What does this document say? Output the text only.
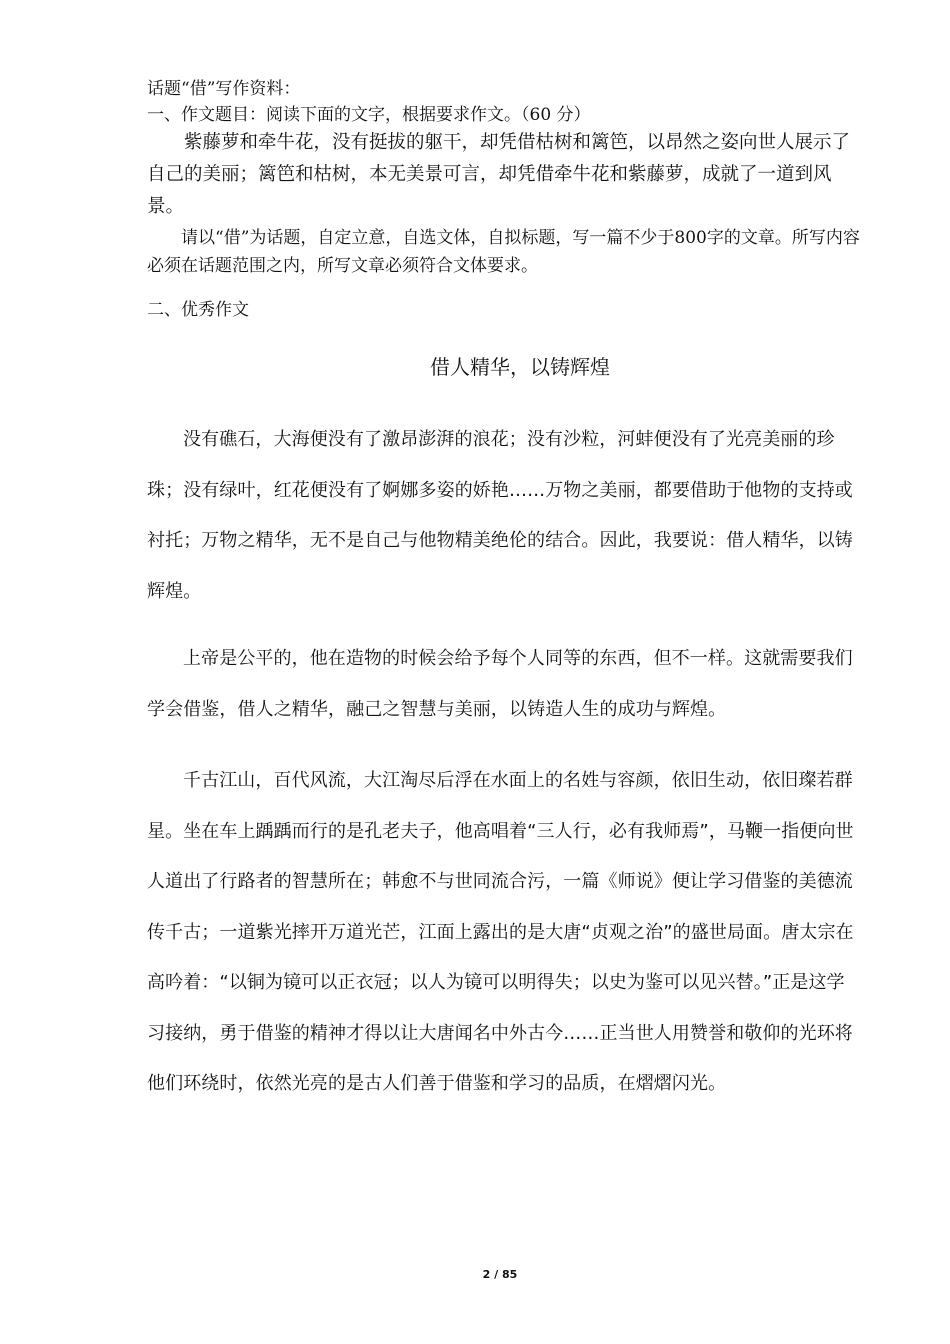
话题“借”写作资料：
一、作文题目：阅读下面的文字，根据要求作文。（60 分）

紫藤萝和牵牛花，没有挺拔的躯干，却凭借枯树和篱笆，以昂然之姿向世人展示了自己的美丽；篱笆和枯树，本无美景可言，却凭借牵牛花和紫藤萝，成就了一道到风景。

请以“借”为话题，自定立意，自选文体，自拟标题，写一篇不少于800字的文章。所写内容必须在话题范围之内，所写文章必须符合文体要求。

二、优秀作文
借人精华，以铸辉煌

没有礁石，大海便没有了激昂澎湃的浪花；没有沙粒，河蚌便没有了光亮美丽的珍珠；没有绿叶，红花便没有了婀娜多姿的娇艳……万物之美丽，都要借助于他物的支持或衬托；万物之精华，无不是自己与他物精美绝伦的结合。因此，我要说：借人精华，以铸辉煌。

上帝是公平的，他在造物的时候会给予每个人同等的东西，但不一样。这就需要我们学会借鉴，借人之精华，融己之智慧与美丽，以铸造人生的成功与辉煌。

千古江山，百代风流，大江淘尽后浮在水面上的名姓与容颜，依旧生动，依旧璨若群星。坐在车上踽踽而行的是孔老夫子，他高唱着“三人行，必有我师焉”，马鞭一指便向世人道出了行路者的智慧所在；韩愈不与世同流合污，一篇《师说》便让学习借鉴的美德流传千古；一道紫光摔开万道光芒，江面上露出的是大唐“贞观之治”的盛世局面。唐太宗在高吟着：“以铜为镜可以正衣冠；以人为镜可以明得失；以史为鉴可以见兴替。”正是这学习接纳，勇于借鉴的精神才得以让大唐闻名中外古今……正当世人用赞誉和敬仰的光环将他们环绕时，依然光亮的是古人们善于借鉴和学习的品质，在熠熠闪光。

2 / 85
